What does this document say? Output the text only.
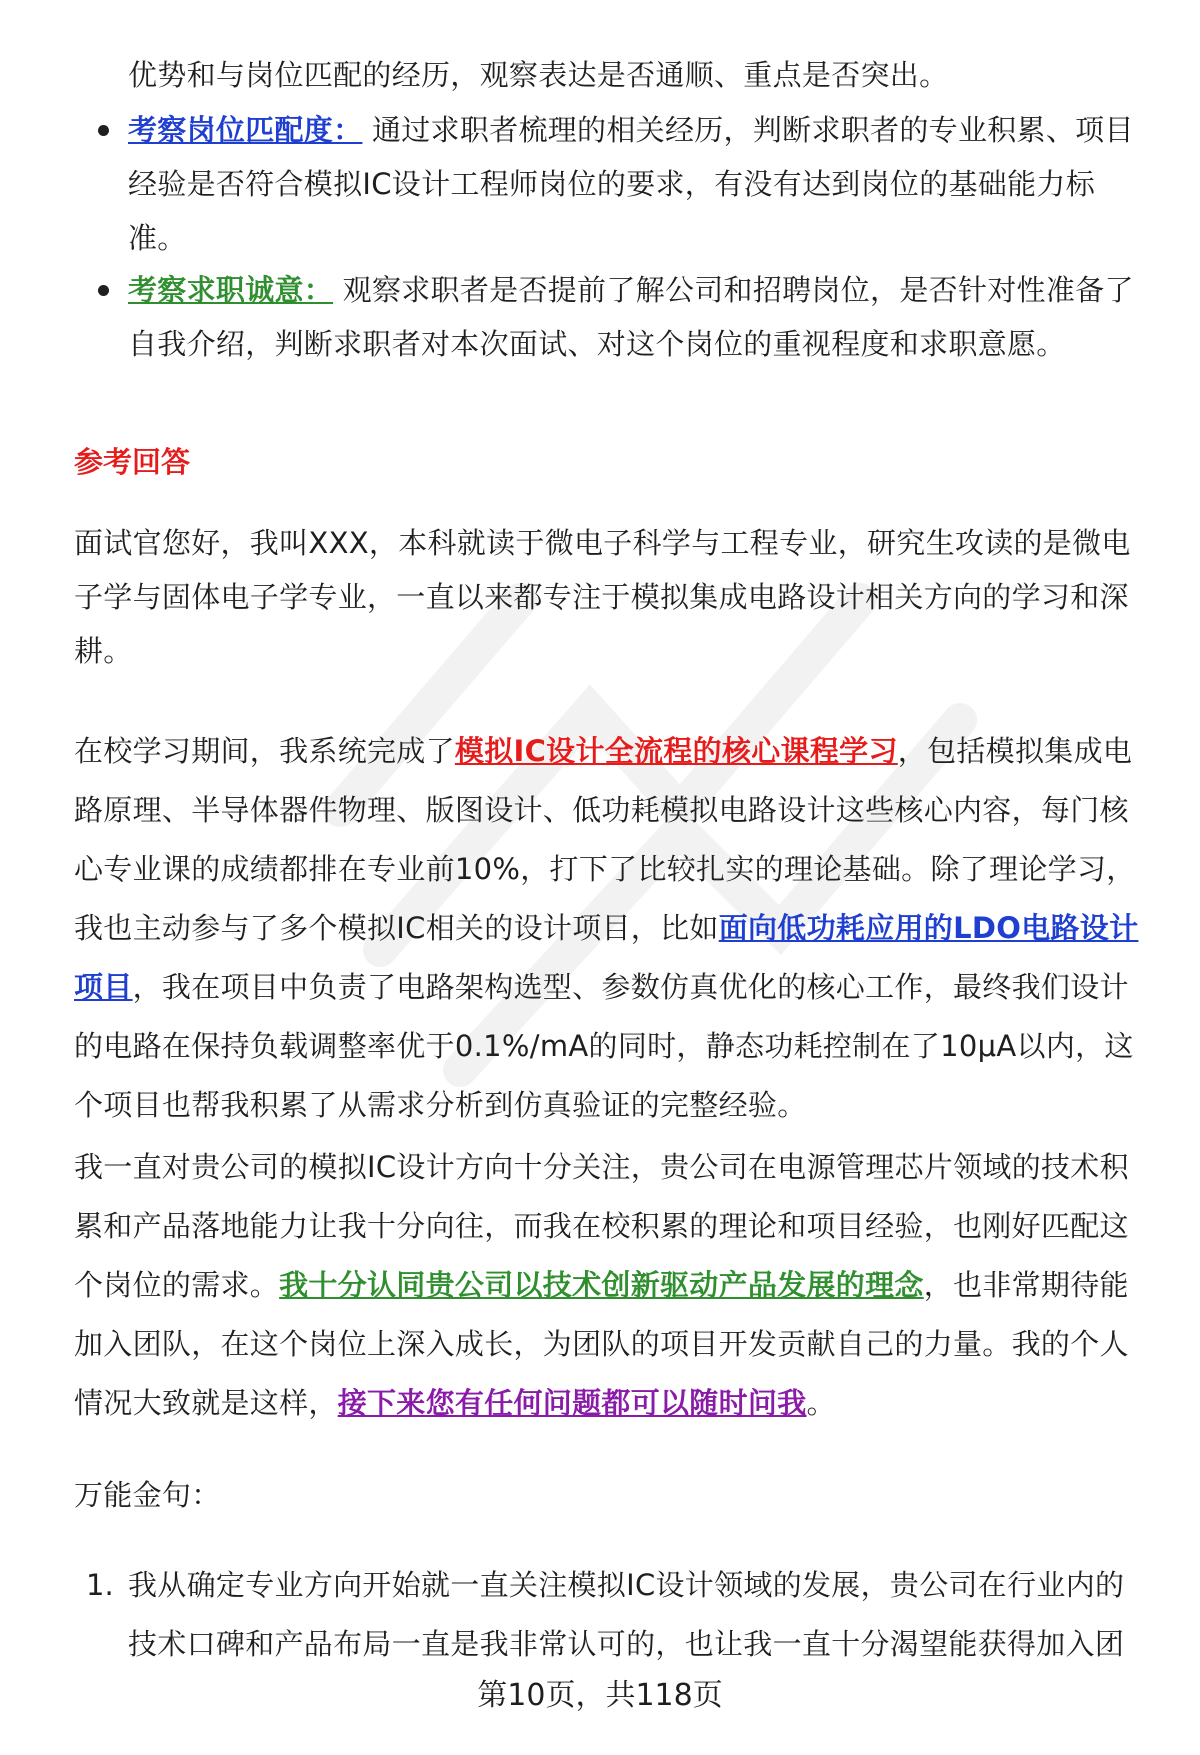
优势和与岗位匹配的经历，观察表达是否通顺、重点是否突出。
考察岗位匹配度： 通过求职者梳理的相关经历，判断求职者的专业积累、项目
经验是否符合模拟IC设计工程师岗位的要求，有没有达到岗位的基础能力标
准。
考察求职诚意： 观察求职者是否提前了解公司和招聘岗位，是否针对性准备了
自我介绍，判断求职者对本次面试、对这个岗位的重视程度和求职意愿。
参考回答
面试官您好，我叫XXX，本科就读于微电子科学与工程专业，研究生攻读的是微电
子学与固体电子学专业，一直以来都专注于模拟集成电路设计相关方向的学习和深
耕。
在校学习期间，我系统完成了模拟IC设计全流程的核心课程学习，包括模拟集成电
路原理、半导体器件物理、版图设计、低功耗模拟电路设计这些核心内容，每门核
心专业课的成绩都排在专业前10%，打下了比较扎实的理论基础。除了理论学习，
我也主动参与了多个模拟IC相关的设计项目，比如面向低功耗应用的LDO电路设计
项目，我在项目中负责了电路架构选型、参数仿真优化的核心工作，最终我们设计
的电路在保持负载调整率优于0.1%/mA的同时，静态功耗控制在了10μA以内，这
个项目也帮我积累了从需求分析到仿真验证的完整经验。
我一直对贵公司的模拟IC设计方向十分关注，贵公司在电源管理芯片领域的技术积
累和产品落地能力让我十分向往，而我在校积累的理论和项目经验，也刚好匹配这
个岗位的需求。我十分认同贵公司以技术创新驱动产品发展的理念，也非常期待能
加入团队，在这个岗位上深入成长，为团队的项目开发贡献自己的力量。我的个人
情况大致就是这样，接下来您有任何问题都可以随时问我。
万能金句：
1. 我从确定专业方向开始就一直关注模拟IC设计领域的发展，贵公司在行业内的
技术口碑和产品布局一直是我非常认可的，也让我一直十分渴望能获得加入团
第10页，共118页
